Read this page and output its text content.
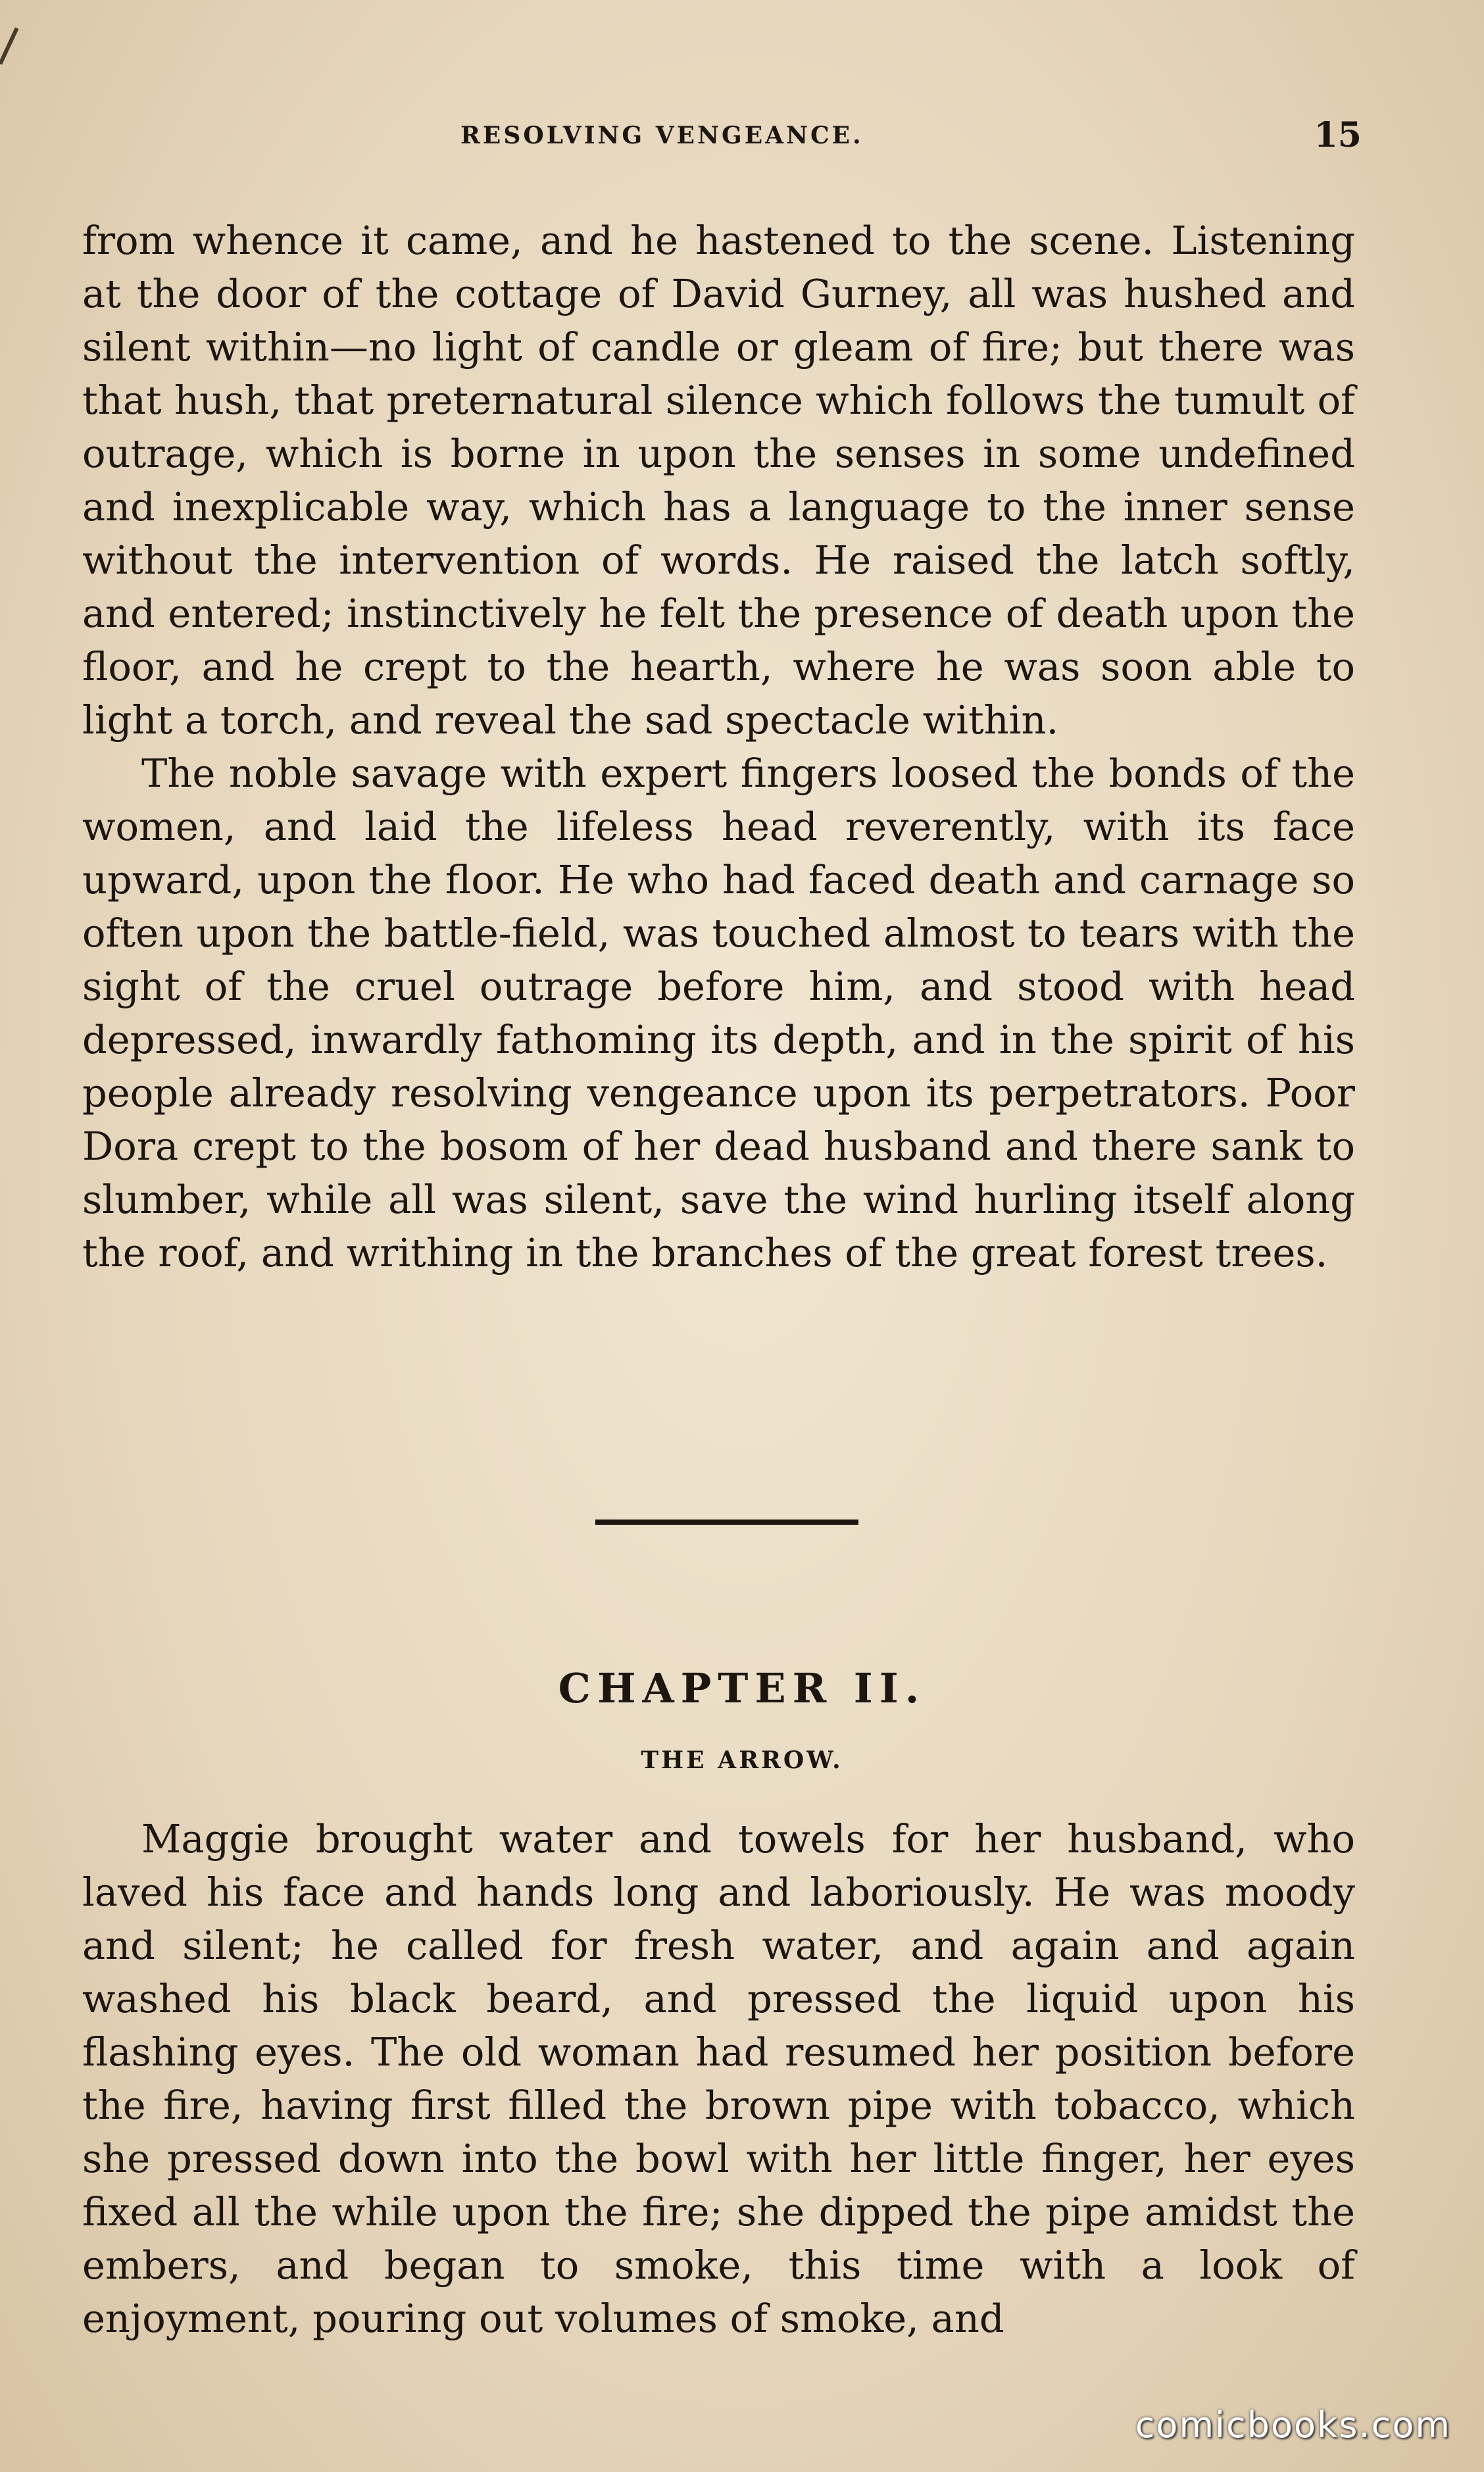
RESOLVING VENGEANCE.	15

from whence it came, and he hastened to the scene. Listening at the door of the cottage of David Gurney, all was hushed and silent within—no light of candle or gleam of fire; but there was that hush, that preternatural silence which follows the tumult of outrage, which is borne in upon the senses in some undefined and inexplicable way, which has a language to the inner sense without the intervention of words. He raised the latch softly, and entered; instinctively he felt the presence of death upon the floor, and he crept to the hearth, where he was soon able to light a torch, and reveal the sad spectacle within.

The noble savage with expert fingers loosed the bonds of the women, and laid the lifeless head reverently, with its face upward, upon the floor. He who had faced death and carnage so often upon the battle-field, was touched almost to tears with the sight of the cruel outrage before him, and stood with head depressed, inwardly fathoming its depth, and in the spirit of his people already resolving vengeance upon its perpetrators. Poor Dora crept to the bosom of her dead husband and there sank to slumber, while all was silent, save the wind hurling itself along the roof, and writhing in the branches of the great forest trees.

CHAPTER II.
THE ARROW.

Maggie brought water and towels for her husband, who laved his face and hands long and laboriously. He was moody and silent; he called for fresh water, and again and again washed his black beard, and pressed the liquid upon his flashing eyes. The old woman had resumed her position before the fire, having first filled the brown pipe with tobacco, which she pressed down into the bowl with her little finger, her eyes fixed all the while upon the fire; she dipped the pipe amidst the embers, and began to smoke, this time with a look of enjoyment, pouring out volumes of smoke, and

comicbooks.com
